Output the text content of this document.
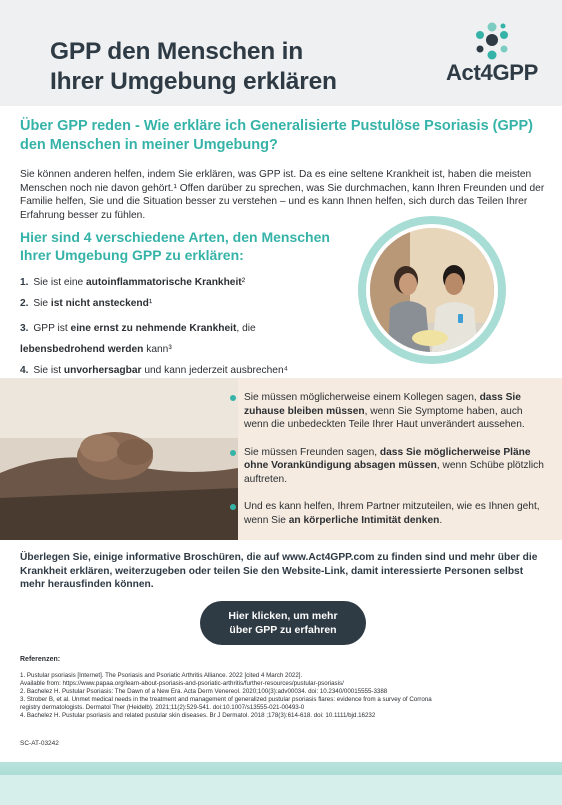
GPP den Menschen in
Ihrer Umgebung erklären	Act4GPP
Über GPP reden - Wie erkläre ich Generalisierte Pustulöse Psoriasis (GPP) den Menschen in meiner Umgebung?
Sie können anderen helfen, indem Sie erklären, was GPP ist. Da es eine seltene Krankheit ist, haben die meisten Menschen noch nie davon gehört.¹ Offen darüber zu sprechen, was Sie durchmachen, kann Ihren Freunden und der Familie helfen, Sie und die Situation besser zu verstehen – und es kann Ihnen helfen, sich durch das Teilen Ihrer Erfahrung besser zu fühlen.
Hier sind 4 verschiedene Arten, den Menschen Ihrer Umgebung GPP zu erklären:
1. Sie ist eine autoinflammatorische Krankheit²
2. Sie ist nicht ansteckend¹
3. GPP ist eine ernst zu nehmende Krankheit, die
lebensbedrohend werden kann³
4. Sie ist unvorhersagbar und kann jederzeit ausbrechen⁴
Sie müssen möglicherweise einem Kollegen sagen, dass Sie zuhause bleiben müssen, wenn Sie Symptome haben, auch wenn die unbedeckten Teile Ihrer Haut unverändert aussehen.
Sie müssen Freunden sagen, dass Sie möglicherweise Pläne ohne Vorankündigung absagen müssen, wenn Schübe plötzlich auftreten.
Und es kann helfen, Ihrem Partner mitzuteilen, wie es Ihnen geht, wenn Sie an körperliche Intimität denken.
Überlegen Sie, einige informative Broschüren, die auf www.Act4GPP.com zu finden sind und mehr über die Krankheit erklären, weiterzugeben oder teilen Sie den Website-Link, damit interessierte Personen selbst mehr herausfinden können.
Hier klicken, um mehr
über GPP zu erfahren
Referenzen:
1. Pustular psoriasis [Internet]. The Psoriasis and Psoriatic Arthritis Alliance. 2022 [cited 4 March 2022].
Available from: https://www.papaa.org/learn-about-psoriasis-and-psoriatic-arthritis/further-resources/pustular-psoriasis/
2. Bachelez H. Pustular Psoriasis: The Dawn of a New Era. Acta Derm Venereol. 2020;100(3):adv00034. doi: 10.2340/00015555-3388
3. Strober B, et al. Unmet medical needs in the treatment and management of generalized pustular psoriasis flares: evidence from a survey of Corrona
registry dermatologists. Dermatol Ther (Heidelb). 2021;11(2):529-541. doi:10.1007/s13555-021-00493-0
4. Bachelez H. Pustular psoriasis and related pustular skin diseases. Br J Dermatol. 2018 ;178(3):614-618. doi: 10.1111/bjd.16232
SC-AT-03242
